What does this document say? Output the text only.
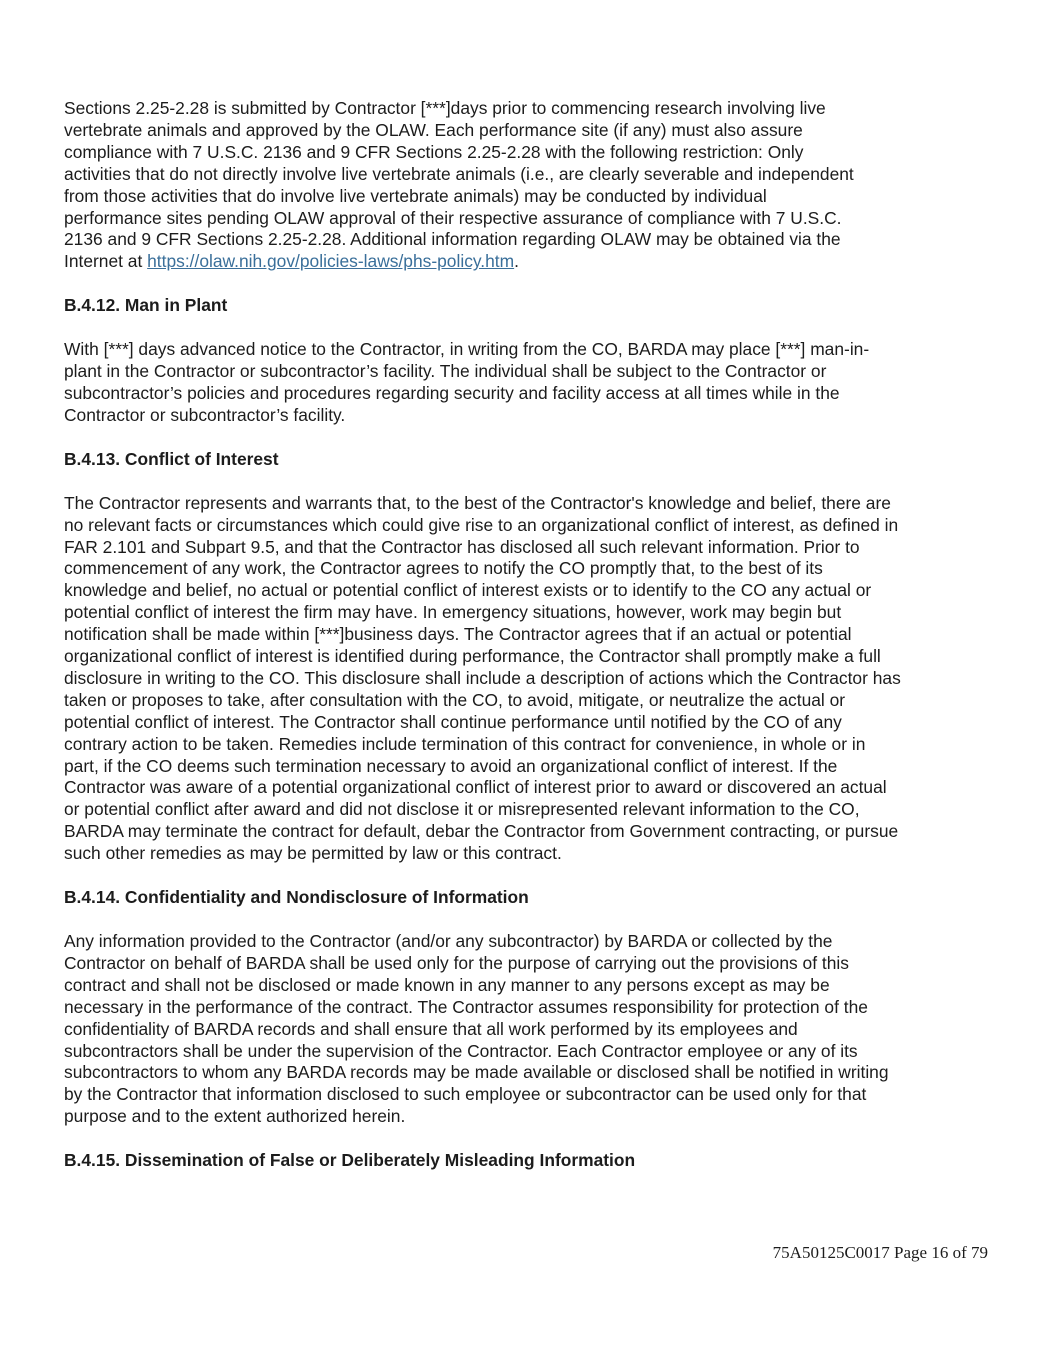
Sections 2.25-2.28 is submitted by Contractor [***]days prior to commencing research involving live
vertebrate animals and approved by the OLAW. Each performance site (if any) must also assure
compliance with 7 U.S.C. 2136 and 9 CFR Sections 2.25-2.28 with the following restriction: Only
activities that do not directly involve live vertebrate animals (i.e., are clearly severable and independent
from those activities that do involve live vertebrate animals) may be conducted by individual
performance sites pending OLAW approval of their respective assurance of compliance with 7 U.S.C.
2136 and 9 CFR Sections 2.25-2.28. Additional information regarding OLAW may be obtained via the
Internet at https://olaw.nih.gov/policies-laws/phs-policy.htm.

B.4.12. Man in Plant

With [***] days advanced notice to the Contractor, in writing from the CO, BARDA may place [***] man-in-
plant in the Contractor or subcontractor’s facility. The individual shall be subject to the Contractor or
subcontractor’s policies and procedures regarding security and facility access at all times while in the
Contractor or subcontractor’s facility.

B.4.13. Conflict of Interest

The Contractor represents and warrants that, to the best of the Contractor's knowledge and belief, there are
no relevant facts or circumstances which could give rise to an organizational conflict of interest, as defined in
FAR 2.101 and Subpart 9.5, and that the Contractor has disclosed all such relevant information. Prior to
commencement of any work, the Contractor agrees to notify the CO promptly that, to the best of its
knowledge and belief, no actual or potential conflict of interest exists or to identify to the CO any actual or
potential conflict of interest the firm may have. In emergency situations, however, work may begin but
notification shall be made within [***]business days. The Contractor agrees that if an actual or potential
organizational conflict of interest is identified during performance, the Contractor shall promptly make a full
disclosure in writing to the CO. This disclosure shall include a description of actions which the Contractor has
taken or proposes to take, after consultation with the CO, to avoid, mitigate, or neutralize the actual or
potential conflict of interest. The Contractor shall continue performance until notified by the CO of any
contrary action to be taken. Remedies include termination of this contract for convenience, in whole or in
part, if the CO deems such termination necessary to avoid an organizational conflict of interest. If the
Contractor was aware of a potential organizational conflict of interest prior to award or discovered an actual
or potential conflict after award and did not disclose it or misrepresented relevant information to the CO,
BARDA may terminate the contract for default, debar the Contractor from Government contracting, or pursue
such other remedies as may be permitted by law or this contract.

B.4.14. Confidentiality and Nondisclosure of Information

Any information provided to the Contractor (and/or any subcontractor) by BARDA or collected by the
Contractor on behalf of BARDA shall be used only for the purpose of carrying out the provisions of this
contract and shall not be disclosed or made known in any manner to any persons except as may be
necessary in the performance of the contract. The Contractor assumes responsibility for protection of the
confidentiality of BARDA records and shall ensure that all work performed by its employees and
subcontractors shall be under the supervision of the Contractor. Each Contractor employee or any of its
subcontractors to whom any BARDA records may be made available or disclosed shall be notified in writing
by the Contractor that information disclosed to such employee or subcontractor can be used only for that
purpose and to the extent authorized herein.

B.4.15. Dissemination of False or Deliberately Misleading Information

75A50125C0017 Page 16 of 79
